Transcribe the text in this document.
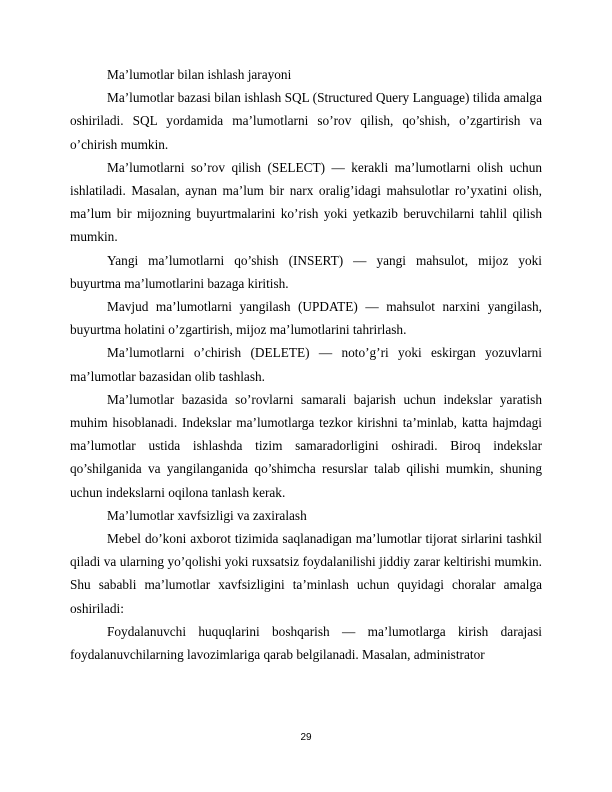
Ma’lumotlar bilan ishlash jarayoni

Ma’lumotlar bazasi bilan ishlash SQL (Structured Query Language) tilida amalga oshiriladi. SQL yordamida ma’lumotlarni so’rov qilish, qo’shish, o’zgartirish va o’chirish mumkin.

Ma’lumotlarni so’rov qilish (SELECT) — kerakli ma’lumotlarni olish uchun ishlatiladi. Masalan, aynan ma’lum bir narx oralig’idagi mahsulotlar ro’yxatini olish, ma’lum bir mijozning buyurtmalarini ko’rish yoki yetkazib beruvchilarni tahlil qilish mumkin.

Yangi ma’lumotlarni qo’shish (INSERT) — yangi mahsulot, mijoz yoki buyurtma ma’lumotlarini bazaga kiritish.

Mavjud ma’lumotlarni yangilash (UPDATE) — mahsulot narxini yangilash, buyurtma holatini o’zgartirish, mijoz ma’lumotlarini tahrirlash.

Ma’lumotlarni o’chirish (DELETE) — noto’g’ri yoki eskirgan yozuvlarni ma’lumotlar bazasidan olib tashlash.

Ma’lumotlar bazasida so’rovlarni samarali bajarish uchun indekslar yaratish muhim hisoblanadi. Indekslar ma’lumotlarga tezkor kirishni ta’minlab, katta hajmdagi ma’lumotlar ustida ishlashda tizim samaradorligini oshiradi. Biroq indekslar qo’shilganida va yangilanganida qo’shimcha resurslar talab qilishi mumkin, shuning uchun indekslarni oqilona tanlash kerak.

Ma’lumotlar xavfsizligi va zaxiralash

Mebel do’koni axborot tizimida saqlanadigan ma’lumotlar tijorat sirlarini tashkil qiladi va ularning yo’qolishi yoki ruxsatsiz foydalanilishi jiddiy zarar keltirishi mumkin. Shu sababli ma’lumotlar xavfsizligini ta’minlash uchun quyidagi choralar amalga oshiriladi:

Foydalanuvchi huquqlarini boshqarish — ma’lumotlarga kirish darajasi foydalanuvchilarning lavozimlariga qarab belgilanadi. Masalan, administrator

29
